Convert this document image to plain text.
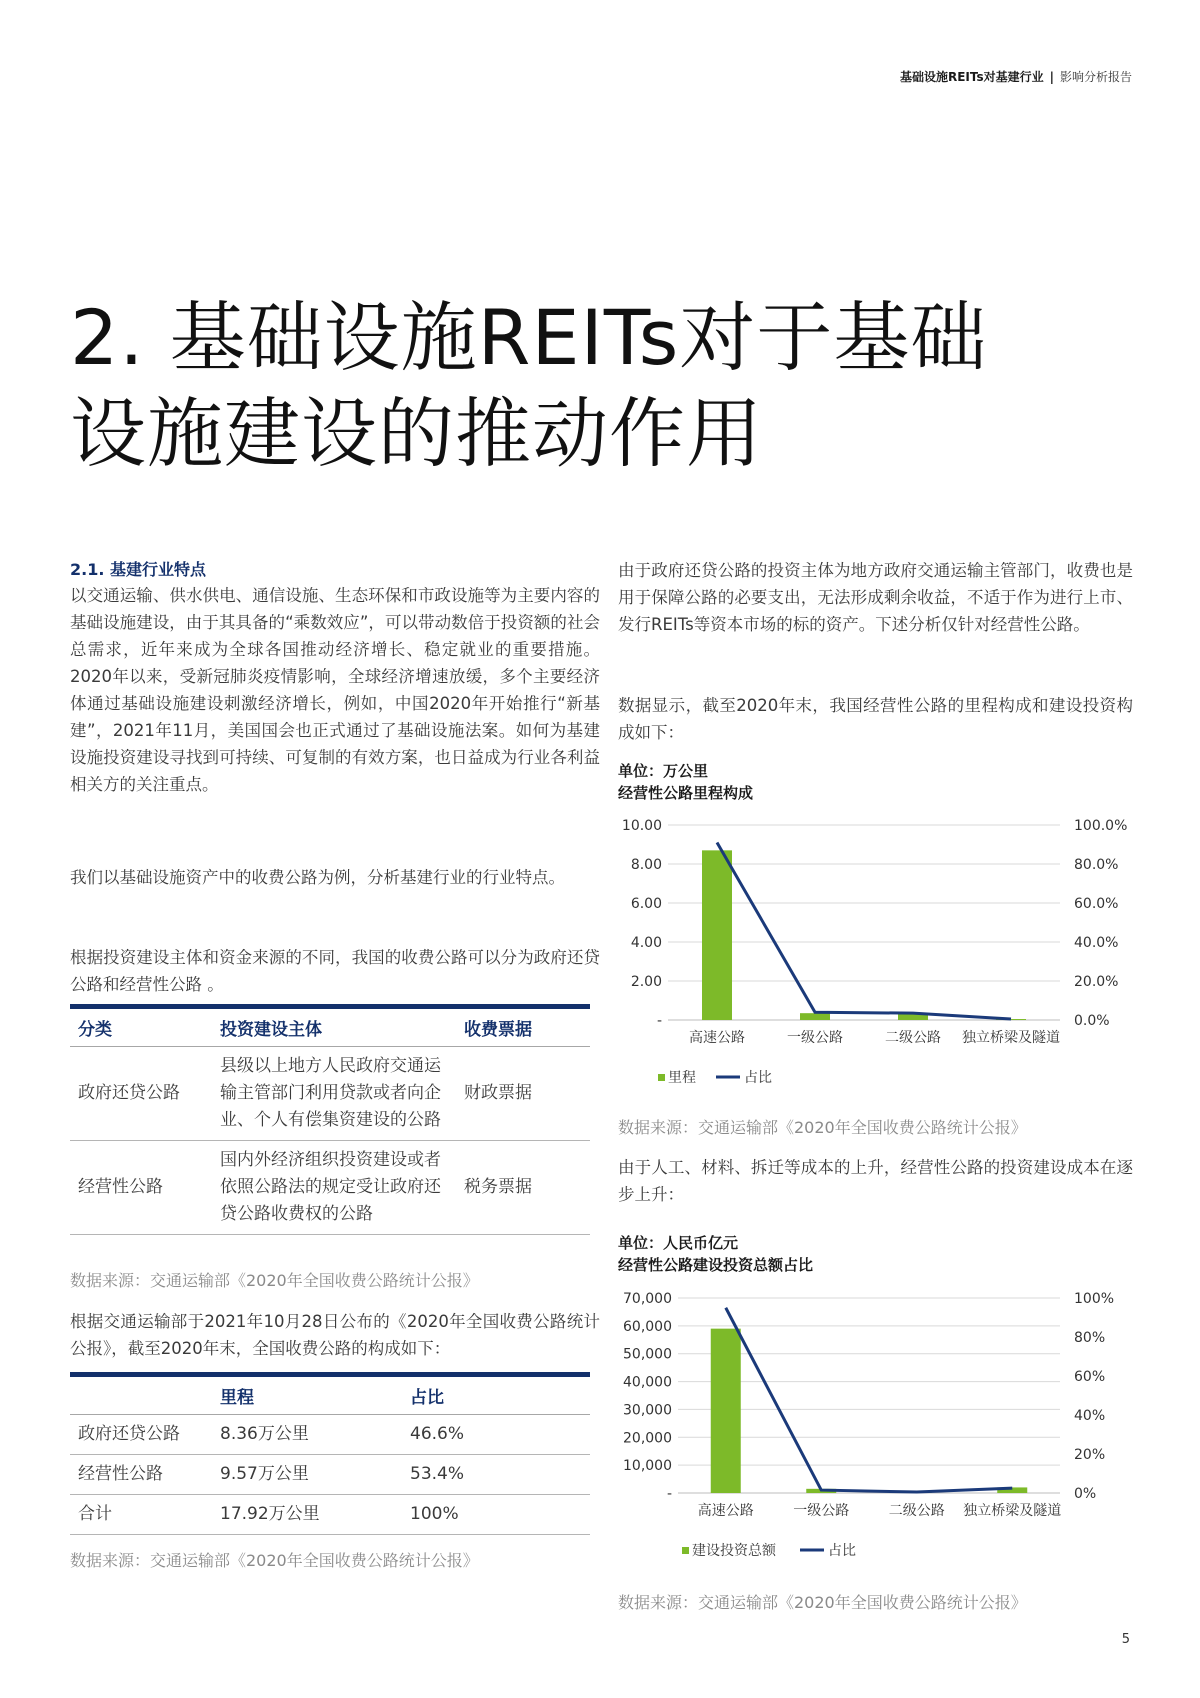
基础设施REITs对基建行业 | 影响分析报告
2. 基础设施REITs对于基础
设施建设的推动作用
2.1. 基建行业特点
以交通运输、供水供电、通信设施、生态环保和市政设施等为主要内容的基础设施建设，由于其具备的“乘数效应”，可以带动数倍于投资额的社会总需求，近年来成为全球各国推动经济增长、稳定就业的重要措施。2020年以来，受新冠肺炎疫情影响，全球经济增速放缓，多个主要经济体通过基础设施建设刺激经济增长，例如，中国2020年开始推行“新基建”，2021年11月，美国国会也正式通过了基础设施法案。如何为基建设施投资建设寻找到可持续、可复制的有效方案，也日益成为行业各利益相关方的关注重点。
我们以基础设施资产中的收费公路为例，分析基建行业的行业特点。
根据投资建设主体和资金来源的不同，我国的收费公路可以分为政府还贷公路和经营性公路 。
分类	投资建设主体	收费票据
政府还贷公路	县级以上地方人民政府交通运输主管部门利用贷款或者向企业、个人有偿集资建设的公路	财政票据
经营性公路	国内外经济组织投资建设或者依照公路法的规定受让政府还贷公路收费权的公路	税务票据
数据来源：交通运输部《2020年全国收费公路统计公报》
根据交通运输部于2021年10月28日公布的《2020年全国收费公路统计公报》，截至2020年末，全国收费公路的构成如下：
	里程	占比
政府还贷公路	8.36万公里	46.6%
经营性公路	9.57万公里	53.4%
合计	17.92万公里	100%
数据来源：交通运输部《2020年全国收费公路统计公报》
由于政府还贷公路的投资主体为地方政府交通运输主管部门，收费也是用于保障公路的必要支出，无法形成剩余收益，不适于作为进行上市、发行REITs等资本市场的标的资产。下述分析仅针对经营性公路。
数据显示，截至2020年末，我国经营性公路的里程构成和建设投资构成如下：
单位：万公里
经营性公路里程构成
-
2.00
4.00
6.00
8.00
10.00
0.0%
20.0%
40.0%
60.0%
80.0%
100.0%
高速公路	一级公路	二级公路 独立桥梁及隧道
里程	占比
数据来源：交通运输部《2020年全国收费公路统计公报》
由于人工、材料、拆迁等成本的上升，经营性公路的投资建设成本在逐步上升：
单位：人民币亿元
经营性公路建设投资总额占比
-
10,000
20,000
30,000
40,000
50,000
60,000
70,000
0%
20%
40%
60%
80%
100%
高速公路	一级公路	二级公路 独立桥梁及隧道
建设投资总额	占比
数据来源：交通运输部《2020年全国收费公路统计公报》
5
